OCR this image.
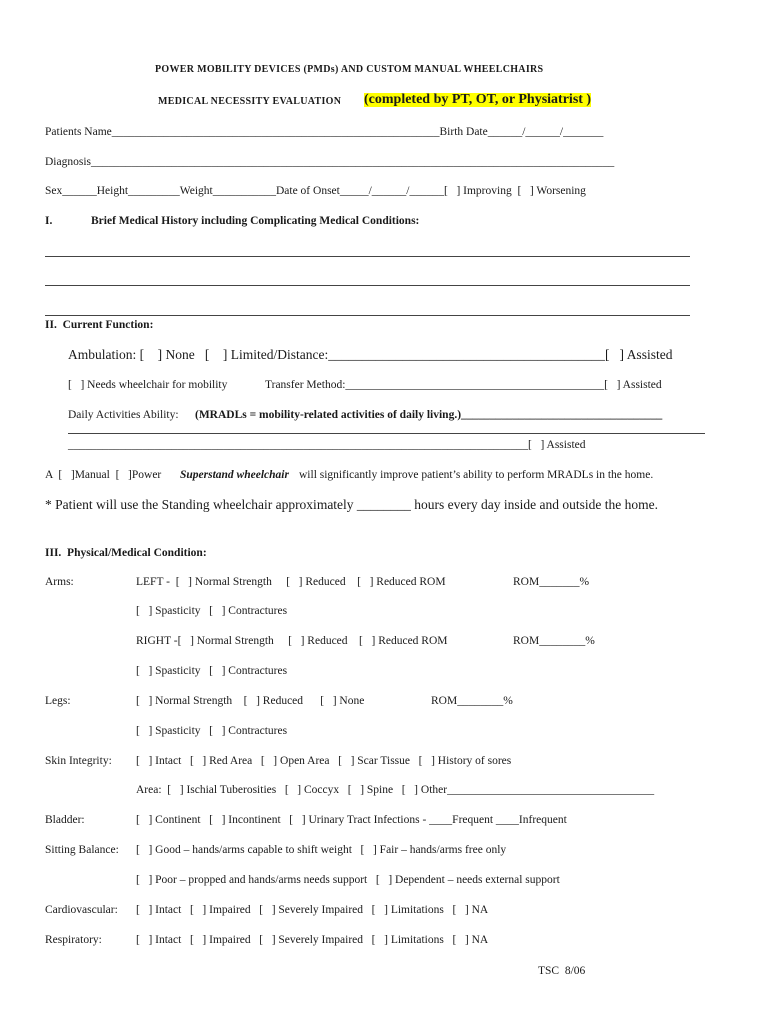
POWER MOBILITY DEVICES (PMDs) AND CUSTOM MANUAL WHEELCHAIRS
MEDICAL NECESSITY EVALUATION (completed by PT, OT, or Physiatrist )
Patients Name_________________________________________________________Birth Date______/______/_______
Diagnosis___________________________________________________________________________________________
Sex______Height_________Weight___________Date of Onset_____/______/______[   ] Improving  [   ] Worsening
I.	Brief Medical History including Complicating Medical Conditions:
II.  Current Function:
Ambulation: [    ] None   [    ] Limited/Distance:_________________________________________[   ] Assisted
[   ] Needs wheelchair for mobility	Transfer Method:_____________________________________________[   ] Assisted
Daily Activities Ability: (MRADLs = mobility-related activities of daily living.)___________________________________
________________________________________________________________________________[   ] Assisted
A  [   ]Manual  [   ]Power Superstand wheelchair will significantly improve patient’s ability to perform MRADLs in the home.
* Patient will use the Standing wheelchair approximately ________ hours every day inside and outside the home.
III.  Physical/Medical Condition:
Arms:	LEFT -  [   ] Normal Strength     [   ] Reduced    [   ] Reduced ROM	ROM_______%
[   ] Spasticity   [   ] Contractures
RIGHT -[   ] Normal Strength     [   ] Reduced    [   ] Reduced ROM	ROM________%
[   ] Spasticity   [   ] Contractures
Legs:	[   ] Normal Strength    [   ] Reduced      [   ] None	ROM________%
[   ] Spasticity   [   ] Contractures
Skin Integrity: [   ] Intact   [   ] Red Area   [   ] Open Area   [   ] Scar Tissue   [   ] History of sores
Area:  [   ] Ischial Tuberosities   [   ] Coccyx   [   ] Spine   [   ] Other____________________________________
Bladder:	[   ] Continent   [   ] Incontinent   [   ] Urinary Tract Infections - ____Frequent ____Infrequent
Sitting Balance: [   ] Good – hands/arms capable to shift weight   [   ] Fair – hands/arms free only
[   ] Poor – propped and hands/arms needs support   [   ] Dependent – needs external support
Cardiovascular: [   ] Intact   [   ] Impaired   [   ] Severely Impaired   [   ] Limitations   [   ] NA
Respiratory:	[   ] Intact   [   ] Impaired   [   ] Severely Impaired   [   ] Limitations   [   ] NA
TSC  8/06
